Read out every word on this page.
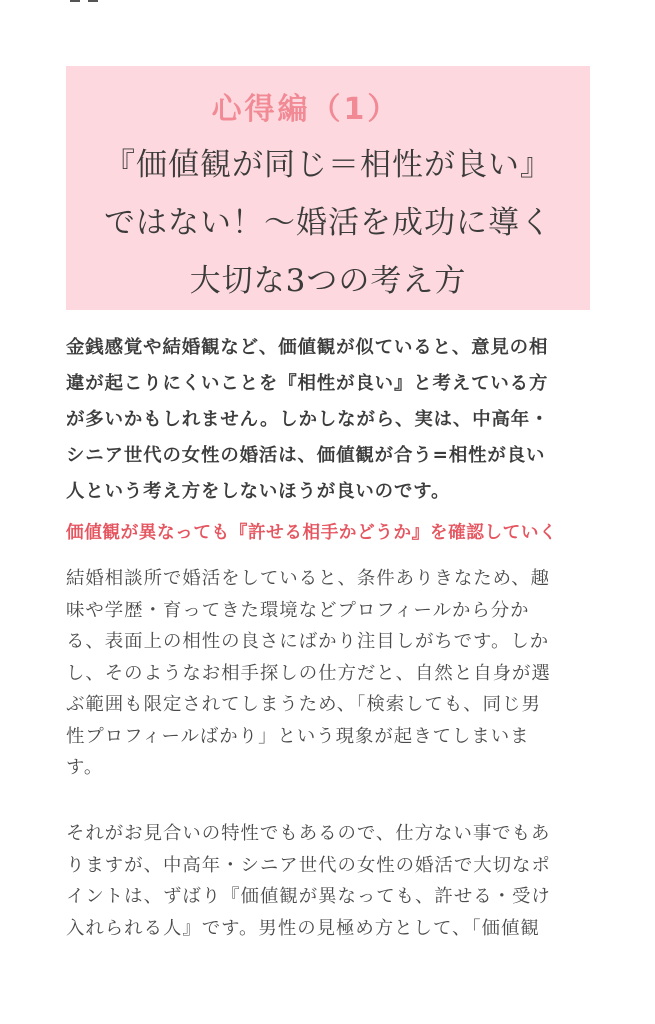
心得編（1）
『価値観が同じ＝相性が良い』
ではない！〜婚活を成功に導く
大切な3つの考え方
金銭感覚や結婚観など、価値観が似ていると、意見の相
違が起こりにくいことを『相性が良い』と考えている方
が多いかもしれません。しかしながら、実は、中高年・
シニア世代の女性の婚活は、価値観が合う=相性が良い
人という考え方をしないほうが良いのです。
価値観が異なっても『許せる相手かどうか』を確認していく
結婚相談所で婚活をしていると、条件ありきなため、趣
味や学歴・育ってきた環境などプロフィールから分か
る、表面上の相性の良さにばかり注目しがちです。しか
し、そのようなお相手探しの仕方だと、自然と自身が選
ぶ範囲も限定されてしまうため、「検索しても、同じ男
性プロフィールばかり」という現象が起きてしまいま
す。
それがお見合いの特性でもあるので、仕方ない事でもあ
りますが、中高年・シニア世代の女性の婚活で大切なポ
イントは、ずばり『価値観が異なっても、許せる・受け
入れられる人』です。男性の見極め方として、「価値観
